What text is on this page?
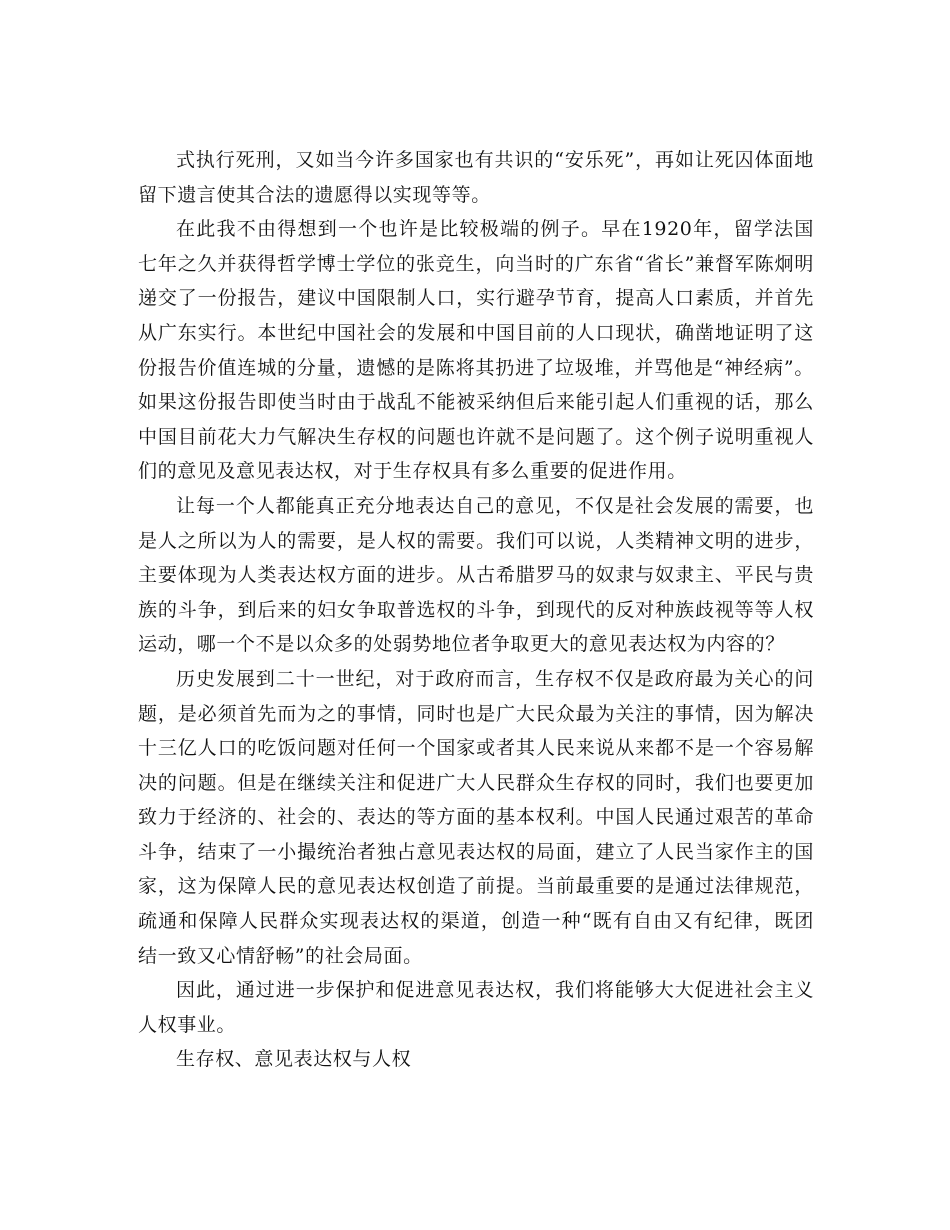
式执行死刑，又如当今许多国家也有共识的“安乐死”，再如让死囚体面地留下遗言使其合法的遗愿得以实现等等。

在此我不由得想到一个也许是比较极端的例子。早在1920年，留学法国七年之久并获得哲学博士学位的张竞生，向当时的广东省“省长”兼督军陈炯明递交了一份报告，建议中国限制人口，实行避孕节育，提高人口素质，并首先从广东实行。本世纪中国社会的发展和中国目前的人口现状，确凿地证明了这份报告价值连城的分量，遗憾的是陈将其扔进了垃圾堆，并骂他是“神经病”。如果这份报告即使当时由于战乱不能被采纳但后来能引起人们重视的话，那么中国目前花大力气解决生存权的问题也许就不是问题了。这个例子说明重视人们的意见及意见表达权，对于生存权具有多么重要的促进作用。

让每一个人都能真正充分地表达自己的意见，不仅是社会发展的需要，也是人之所以为人的需要，是人权的需要。我们可以说，人类精神文明的进步，主要体现为人类表达权方面的进步。从古希腊罗马的奴隶与奴隶主、平民与贵族的斗争，到后来的妇女争取普选权的斗争，到现代的反对种族歧视等等人权运动，哪一个不是以众多的处弱势地位者争取更大的意见表达权为内容的？

历史发展到二十一世纪，对于政府而言，生存权不仅是政府最为关心的问题，是必须首先而为之的事情，同时也是广大民众最为关注的事情，因为解决十三亿人口的吃饭问题对任何一个国家或者其人民来说从来都不是一个容易解决的问题。但是在继续关注和促进广大人民群众生存权的同时，我们也要更加致力于经济的、社会的、表达的等方面的基本权利。中国人民通过艰苦的革命斗争，结束了一小撮统治者独占意见表达权的局面，建立了人民当家作主的国家，这为保障人民的意见表达权创造了前提。当前最重要的是通过法律规范，疏通和保障人民群众实现表达权的渠道，创造一种“既有自由又有纪律，既团结一致又心情舒畅”的社会局面。

因此，通过进一步保护和促进意见表达权，我们将能够大大促进社会主义人权事业。

生存权、意见表达权与人权
